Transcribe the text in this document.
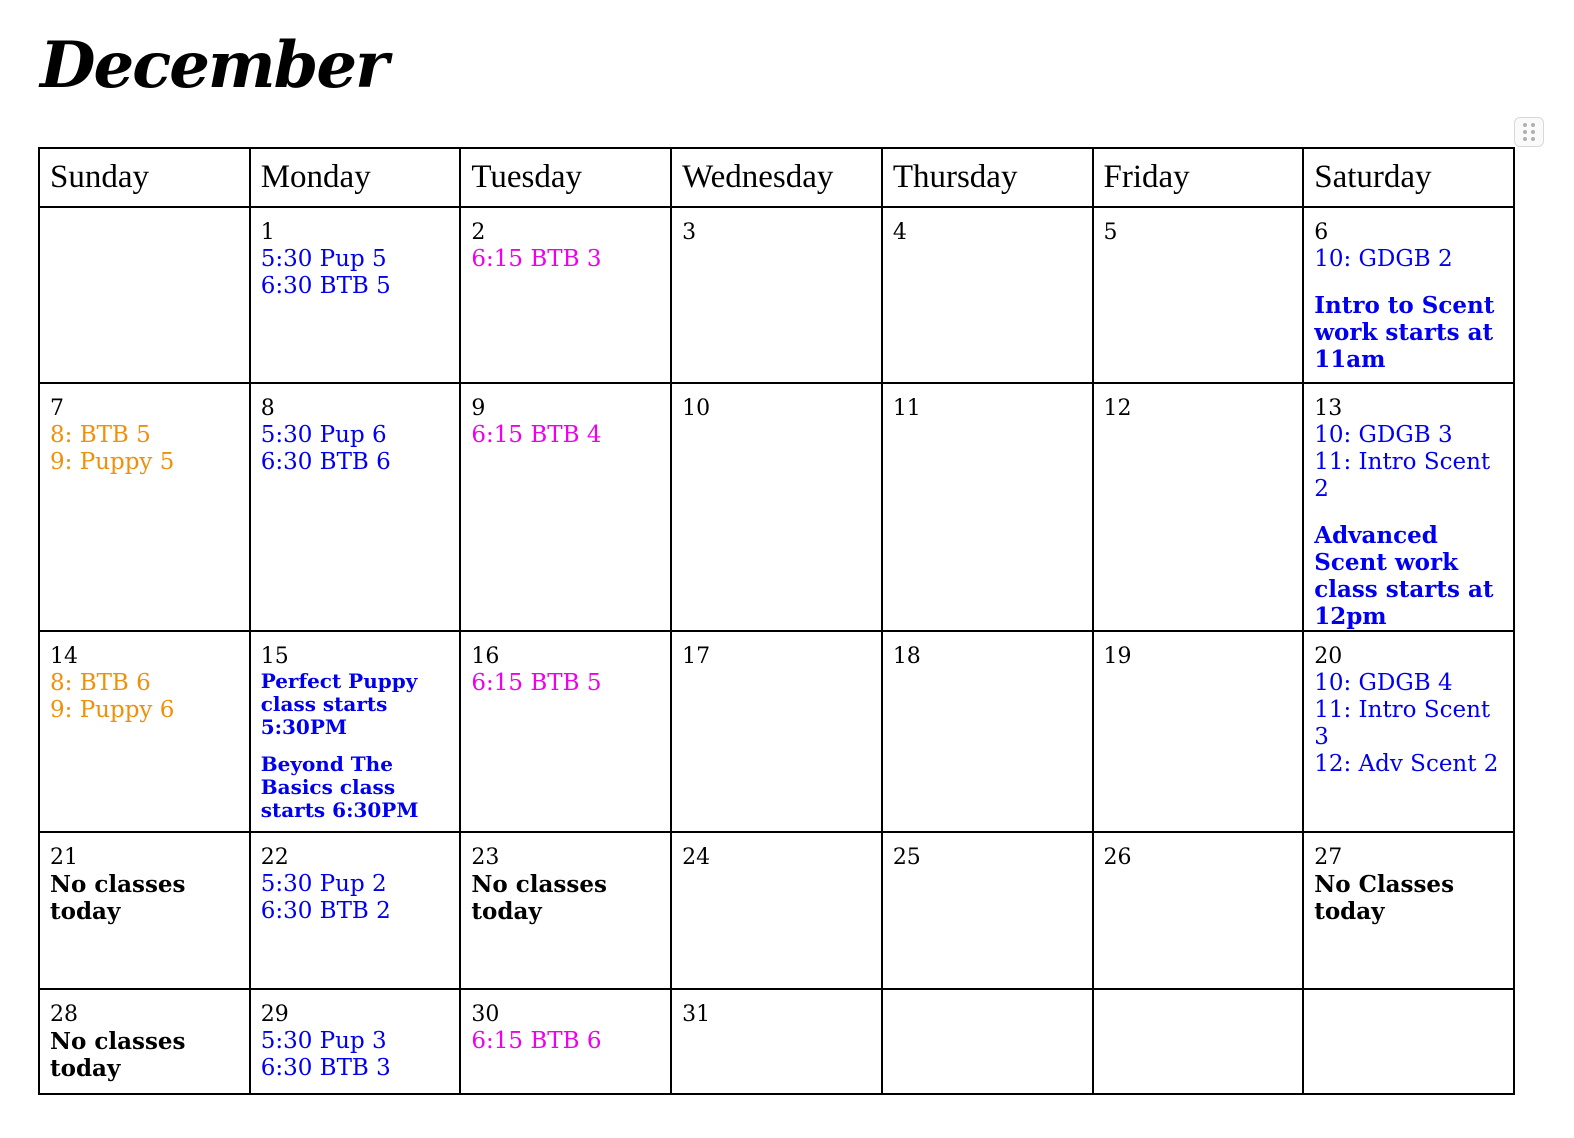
December
Sunday	Monday	Tuesday	Wednesday	Thursday	Friday	Saturday

	1
5:30 Pup 5
6:30 BTB 5	2
6:15 BTB 3	3	4	5	6
10: GDGB 2
Intro to Scent work starts at 11am

7
8: BTB 5
9: Puppy 5	8
5:30 Pup 6
6:30 BTB 6	9
6:15 BTB 4	10	11	12	13
10: GDGB 3
11: Intro Scent 2
Advanced Scent work class starts at 12pm

14
8: BTB 6
9: Puppy 6	15
Perfect Puppy class starts 5:30PM
Beyond The Basics class starts 6:30PM	16
6:15 BTB 5	17	18	19	20
10: GDGB 4
11: Intro Scent 3
12: Adv Scent 2

21
No classes today	22
5:30 Pup 2
6:30 BTB 2	23
No classes today	24	25	26	27
No Classes today

28
No classes today	29
5:30 Pup 3
6:30 BTB 3	30
6:15 BTB 6	31			
